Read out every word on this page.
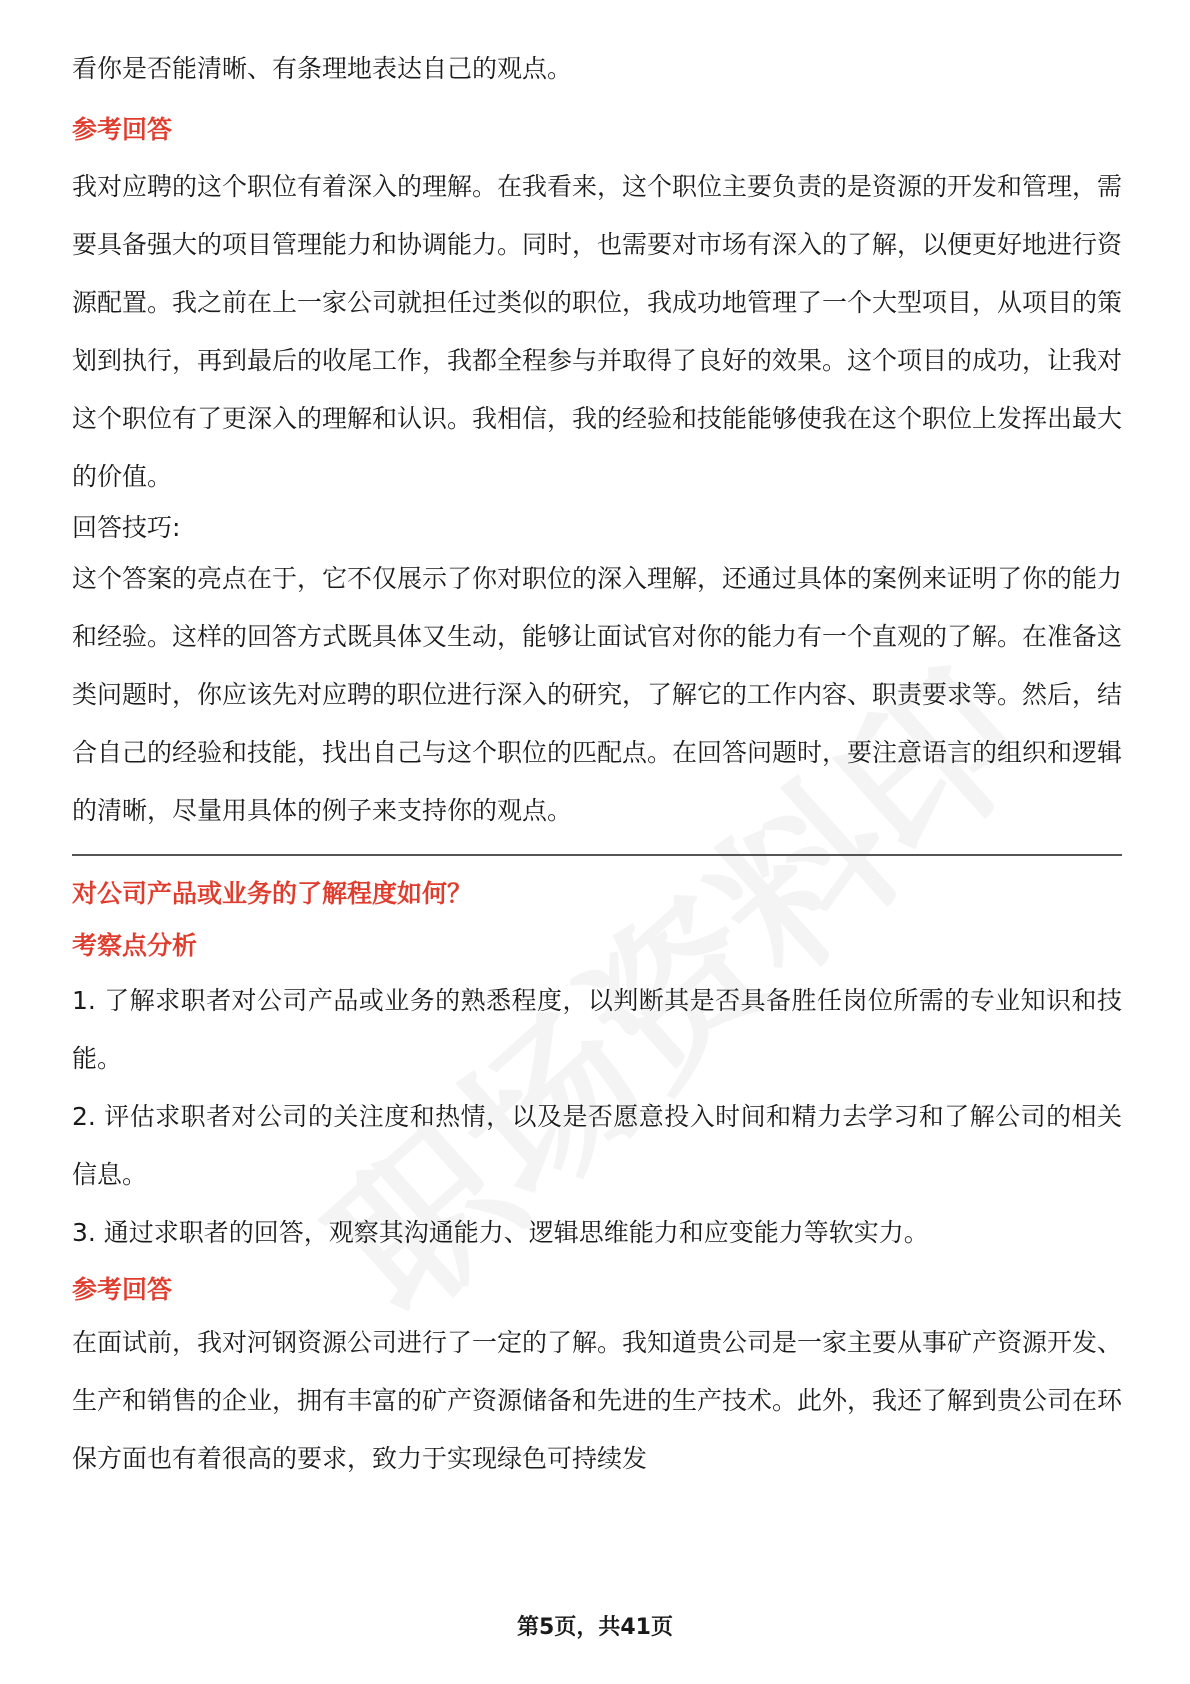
看你是否能清晰、有条理地表达自己的观点。

参考回答

我对应聘的这个职位有着深入的理解。在我看来，这个职位主要负责的是资源的开发和管理，需要具备强大的项目管理能力和协调能力。同时，也需要对市场有深入的了解，以便更好地进行资源配置。我之前在上一家公司就担任过类似的职位，我成功地管理了一个大型项目，从项目的策划到执行，再到最后的收尾工作，我都全程参与并取得了良好的效果。这个项目的成功，让我对这个职位有了更深入的理解和认识。我相信，我的经验和技能能够使我在这个职位上发挥出最大的价值。

回答技巧:

这个答案的亮点在于，它不仅展示了你对职位的深入理解，还通过具体的案例来证明了你的能力和经验。这样的回答方式既具体又生动，能够让面试官对你的能力有一个直观的了解。在准备这类问题时，你应该先对应聘的职位进行深入的研究，了解它的工作内容、职责要求等。然后，结合自己的经验和技能，找出自己与这个职位的匹配点。在回答问题时，要注意语言的组织和逻辑的清晰，尽量用具体的例子来支持你的观点。

对公司产品或业务的了解程度如何？
考察点分析

1. 了解求职者对公司产品或业务的熟悉程度，以判断其是否具备胜任岗位所需的专业知识和技能。

2. 评估求职者对公司的关注度和热情，以及是否愿意投入时间和精力去学习和了解公司的相关信息。

3. 通过求职者的回答，观察其沟通能力、逻辑思维能力和应变能力等软实力。

参考回答

在面试前，我对河钢资源公司进行了一定的了解。我知道贵公司是一家主要从事矿产资源开发、生产和销售的企业，拥有丰富的矿产资源储备和先进的生产技术。此外，我还了解到贵公司在环保方面也有着很高的要求，致力于实现绿色可持续发

第5页，共41页
